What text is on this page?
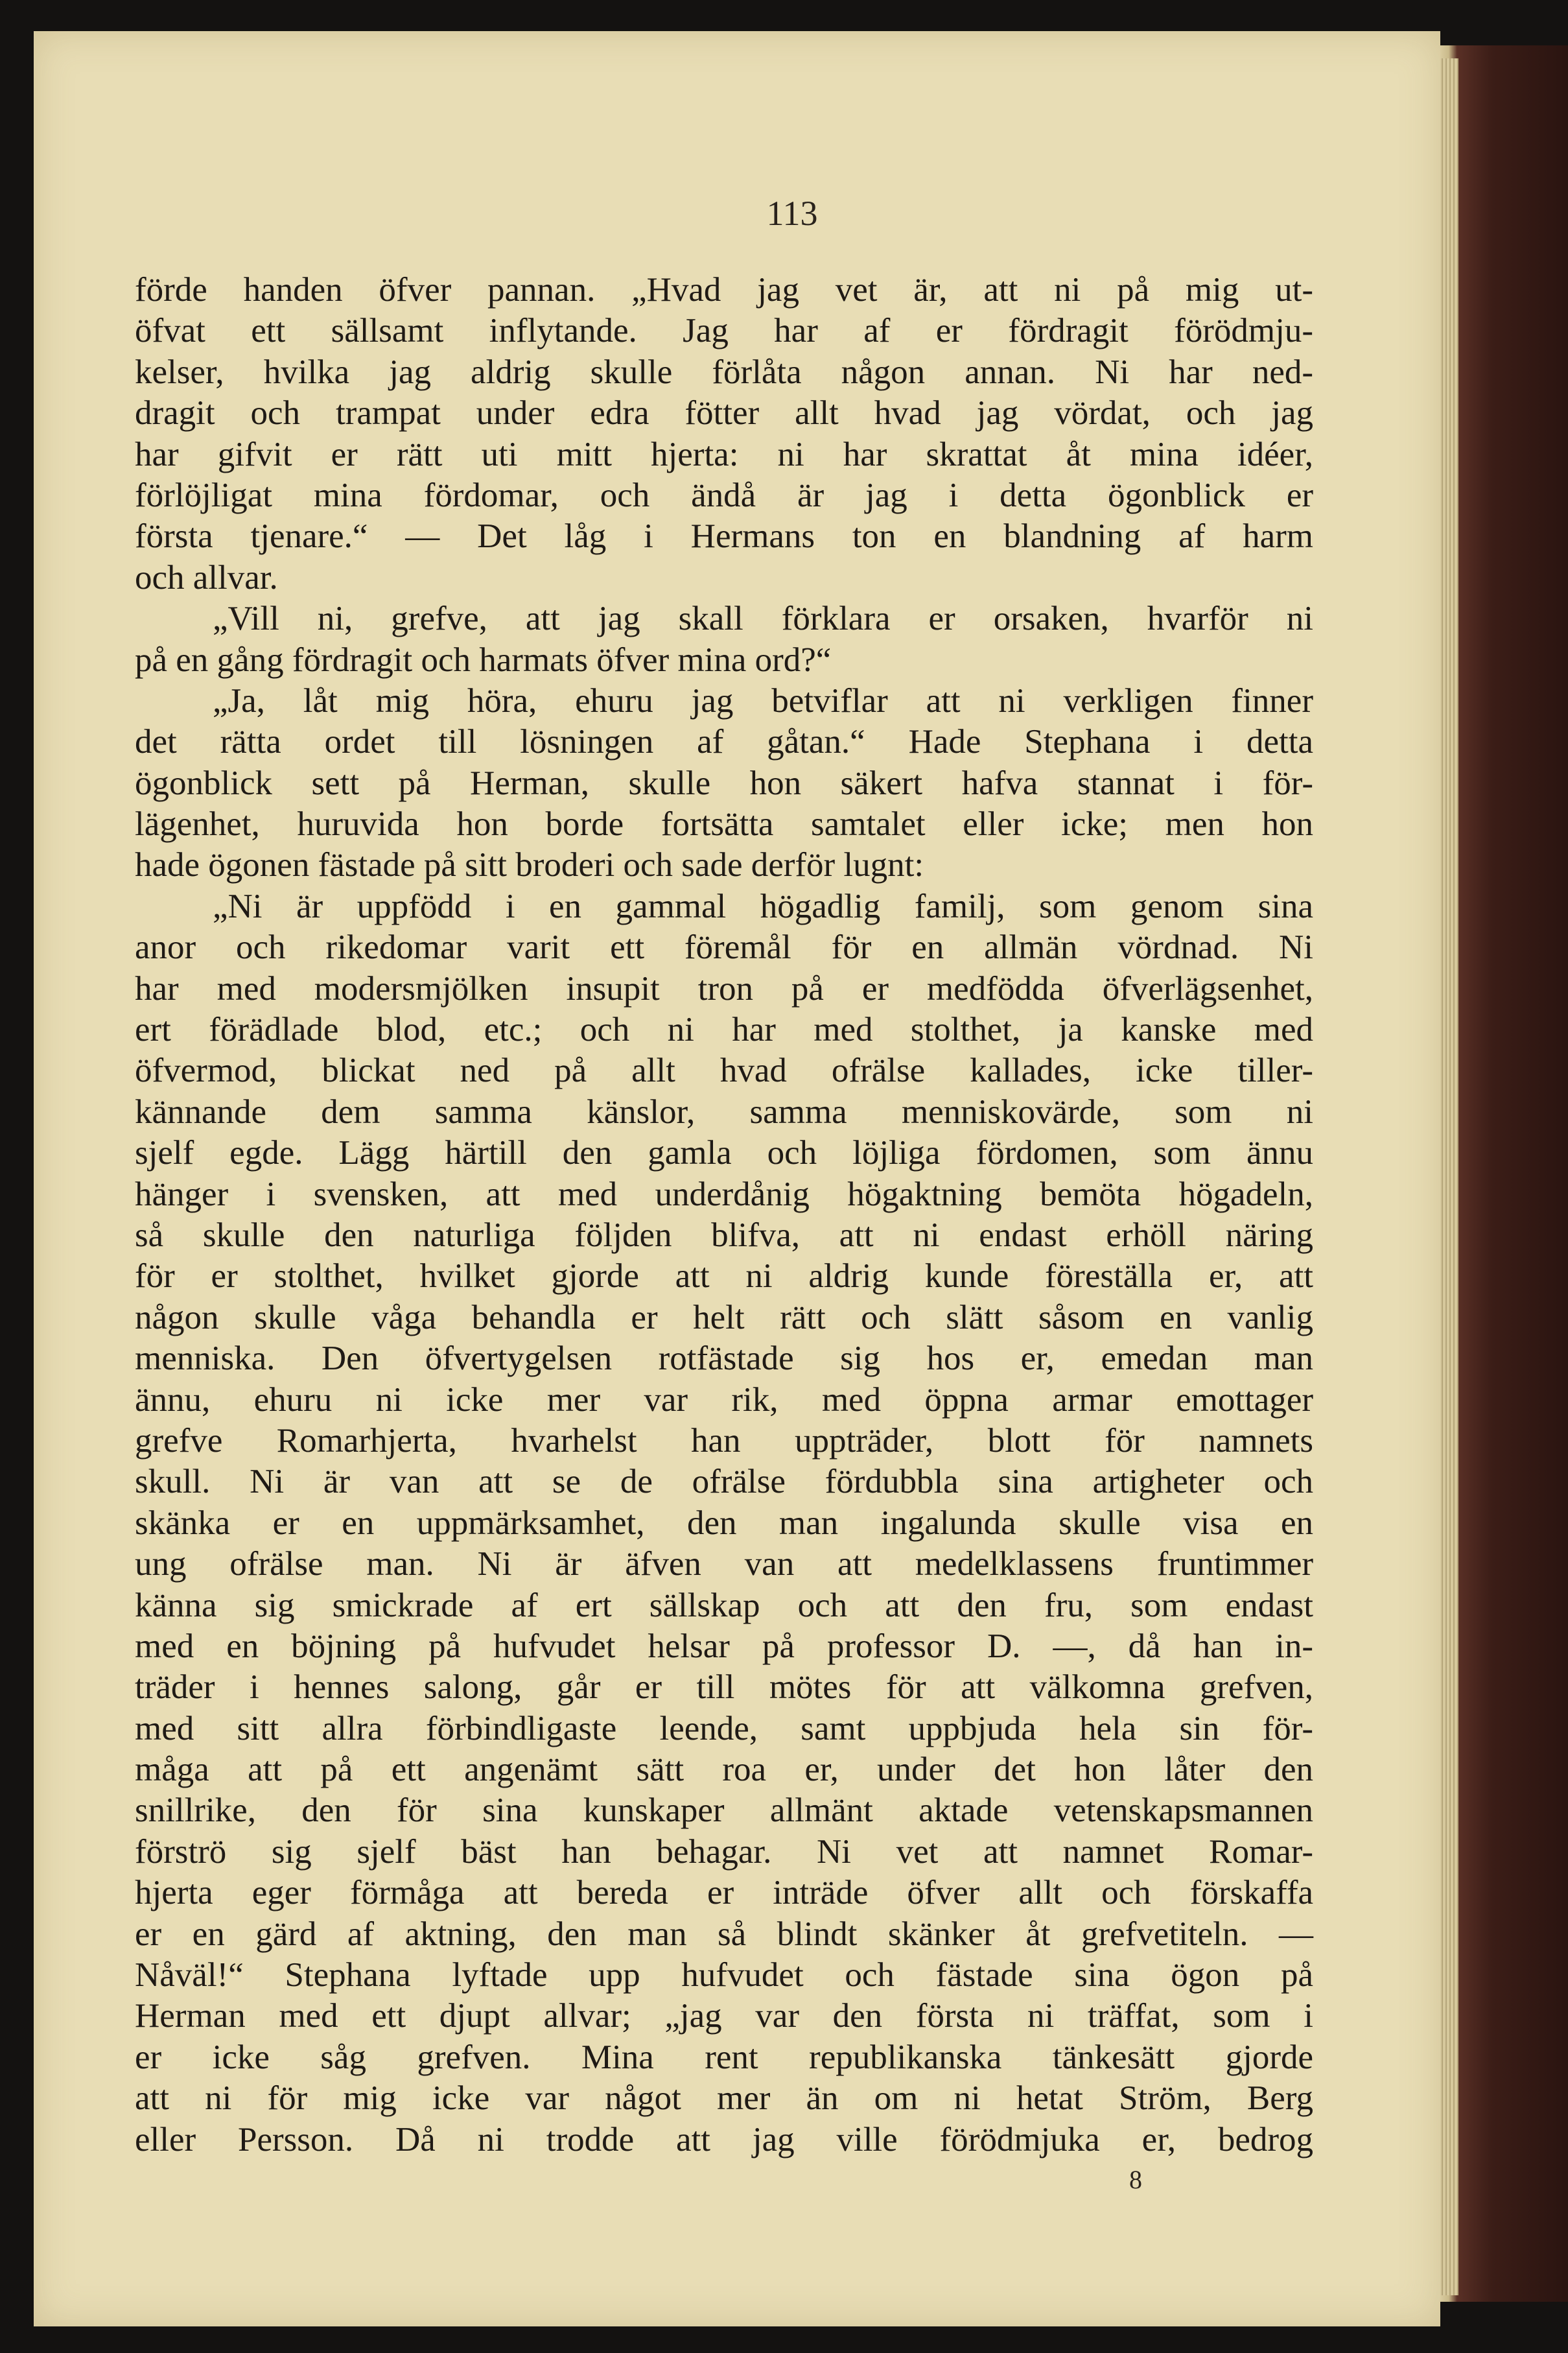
113
förde handen öfver pannan. „Hvad jag vet är, att ni på mig ut-
öfvat ett sällsamt inflytande. Jag har af er fördragit förödmju-
kelser, hvilka jag aldrig skulle förlåta någon annan. Ni har ned-
dragit och trampat under edra fötter allt hvad jag vördat, och jag
har gifvit er rätt uti mitt hjerta: ni har skrattat åt mina idéer,
förlöjligat mina fördomar, och ändå är jag i detta ögonblick er
första tjenare.“ — Det låg i Hermans ton en blandning af harm
och allvar.
„Vill ni, grefve, att jag skall förklara er orsaken, hvarför ni
på en gång fördragit och harmats öfver mina ord?“
„Ja, låt mig höra, ehuru jag betviflar att ni verkligen finner
det rätta ordet till lösningen af gåtan.“ Hade Stephana i detta
ögonblick sett på Herman, skulle hon säkert hafva stannat i för-
lägenhet, huruvida hon borde fortsätta samtalet eller icke; men hon
hade ögonen fästade på sitt broderi och sade derför lugnt:
„Ni är uppfödd i en gammal högadlig familj, som genom sina
anor och rikedomar varit ett föremål för en allmän vördnad. Ni
har med modersmjölken insupit tron på er medfödda öfverlägsenhet,
ert förädlade blod, etc.; och ni har med stolthet, ja kanske med
öfvermod, blickat ned på allt hvad ofrälse kallades, icke tiller-
kännande dem samma känslor, samma menniskovärde, som ni
sjelf egde. Lägg härtill den gamla och löjliga fördomen, som ännu
hänger i svensken, att med underdånig högaktning bemöta högadeln,
så skulle den naturliga följden blifva, att ni endast erhöll näring
för er stolthet, hvilket gjorde att ni aldrig kunde föreställa er, att
någon skulle våga behandla er helt rätt och slätt såsom en vanlig
menniska. Den öfvertygelsen rotfästade sig hos er, emedan man
ännu, ehuru ni icke mer var rik, med öppna armar emottager
grefve Romarhjerta, hvarhelst han uppträder, blott för namnets
skull. Ni är van att se de ofrälse fördubbla sina artigheter och
skänka er en uppmärksamhet, den man ingalunda skulle visa en
ung ofrälse man. Ni är äfven van att medelklassens fruntimmer
känna sig smickrade af ert sällskap och att den fru, som endast
med en böjning på hufvudet helsar på professor D. —, då han in-
träder i hennes salong, går er till mötes för att välkomna grefven,
med sitt allra förbindligaste leende, samt uppbjuda hela sin för-
måga att på ett angenämt sätt roa er, under det hon låter den
snillrike, den för sina kunskaper allmänt aktade vetenskapsmannen
förströ sig sjelf bäst han behagar. Ni vet att namnet Romar-
hjerta eger förmåga att bereda er inträde öfver allt och förskaffa
er en gärd af aktning, den man så blindt skänker åt grefvetiteln. —
Nåväl!“ Stephana lyftade upp hufvudet och fästade sina ögon på
Herman med ett djupt allvar; „jag var den första ni träffat, som i
er icke såg grefven. Mina rent republikanska tänkesätt gjorde
att ni för mig icke var något mer än om ni hetat Ström, Berg
eller Persson. Då ni trodde att jag ville förödmjuka er, bedrog
8
